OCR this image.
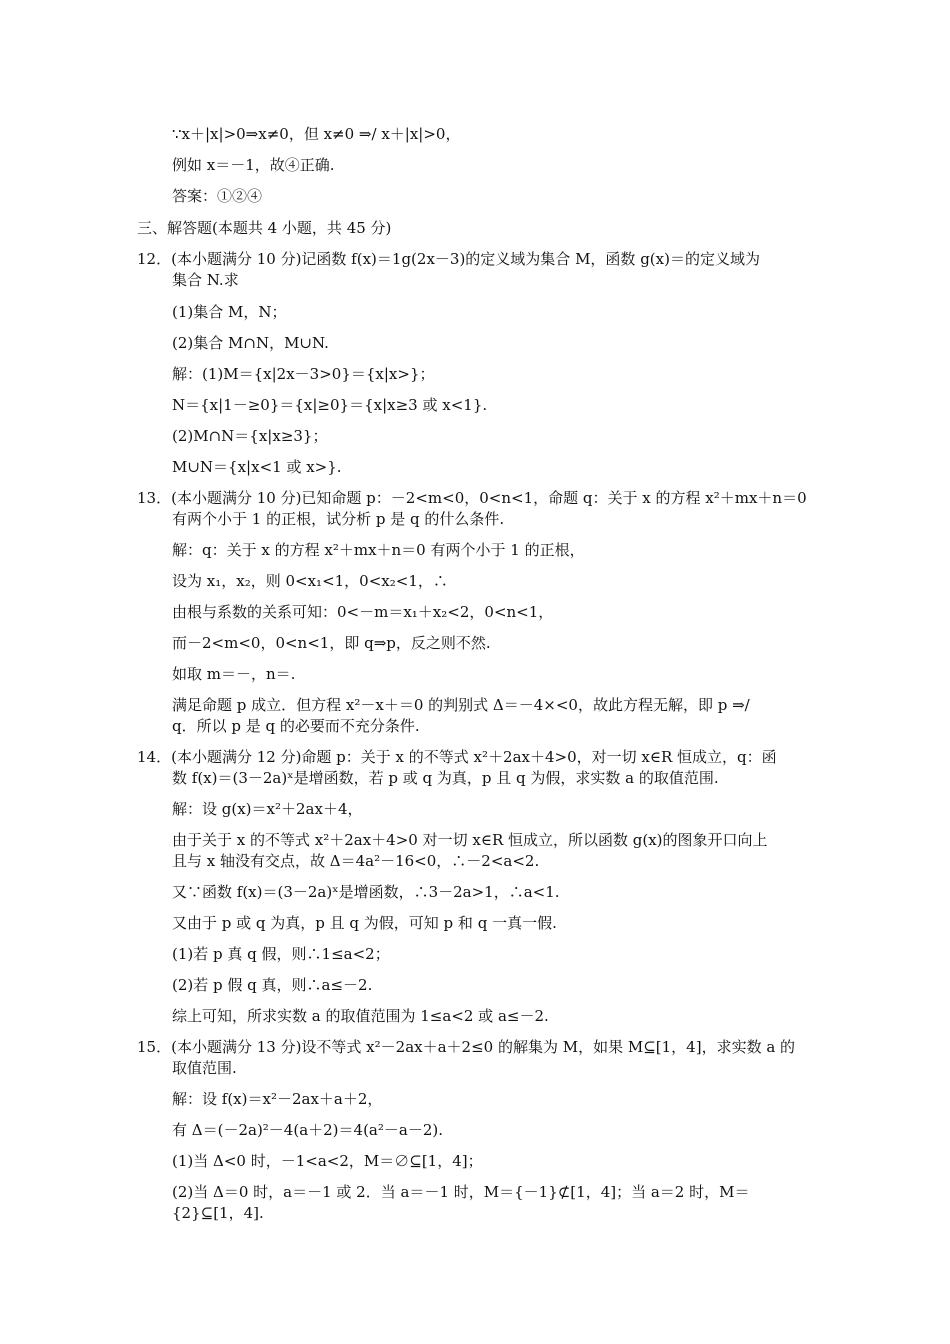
∵x＋|x|>0⇒x≠0，但 x≠0 ⇒/ x＋|x|>0，
例如 x＝－1，故④正确.
答案：①②④
三、解答题(本题共 4 小题，共 45 分)
12．(本小题满分 10 分)记函数 f(x)＝1g(2x－3)的定义域为集合 M，函数 g(x)＝的定义域为
集合 N.求
(1)集合 M，N；
(2)集合 M∩N，M∪N.
解：(1)M＝{x|2x－3>0}＝{x|x>}；
N＝{x|1－≥0}＝{x|≥0}＝{x|x≥3 或 x<1}.
(2)M∩N＝{x|x≥3}；
M∪N＝{x|x<1 或 x>}.
13．(本小题满分 10 分)已知命题 p：－2<m<0，0<n<1，命题 q：关于 x 的方程 x²＋mx＋n＝0
有两个小于 1 的正根，试分析 p 是 q 的什么条件.
解：q：关于 x 的方程 x²＋mx＋n＝0 有两个小于 1 的正根，
设为 x₁，x₂，则 0<x₁<1，0<x₂<1，∴
由根与系数的关系可知：0<－m＝x₁＋x₂<2，0<n<1，
而－2<m<0，0<n<1，即 q⇒p，反之则不然.
如取 m＝－，n＝.
满足命题 p 成立．但方程 x²－x＋＝0 的判别式 Δ＝－4×<0，故此方程无解，即 p ⇒/
q．所以 p 是 q 的必要而不充分条件.
14．(本小题满分 12 分)命题 p：关于 x 的不等式 x²＋2ax＋4>0，对一切 x∈R 恒成立，q：函
数 f(x)＝(3－2a)ˣ是增函数，若 p 或 q 为真，p 且 q 为假，求实数 a 的取值范围.
解：设 g(x)＝x²＋2ax＋4，
由于关于 x 的不等式 x²＋2ax＋4>0 对一切 x∈R 恒成立，所以函数 g(x)的图象开口向上
且与 x 轴没有交点，故 Δ＝4a²－16<0，∴－2<a<2.
又∵函数 f(x)＝(3－2a)ˣ是增函数，∴3－2a>1，∴a<1.
又由于 p 或 q 为真，p 且 q 为假，可知 p 和 q 一真一假.
(1)若 p 真 q 假，则∴1≤a<2；
(2)若 p 假 q 真，则∴a≤－2.
综上可知，所求实数 a 的取值范围为 1≤a<2 或 a≤－2.
15．(本小题满分 13 分)设不等式 x²－2ax＋a＋2≤0 的解集为 M，如果 M⊆[1，4]，求实数 a 的
取值范围.
解：设 f(x)＝x²－2ax＋a＋2，
有 Δ＝(－2a)²－4(a＋2)＝4(a²－a－2).
(1)当 Δ<0 时，－1<a<2，M＝∅⊆[1，4]；
(2)当 Δ＝0 时，a＝－1 或 2．当 a＝－1 时，M＝{－1}⊄[1，4]；当 a＝2 时，M＝
{2}⊆[1，4].
